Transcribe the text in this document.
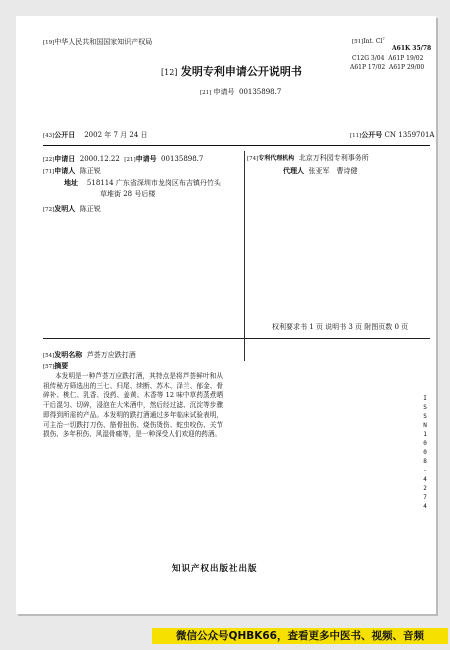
[19]中华人民共和国国家知识产权局	[51]Int. Cl$^7$
A61K 35/78
C12G 3/04 A61P 19/02
A61P 17/02 A61P 29/00
[12] 发明专利申请公开说明书
[21] 申请号 00135898.7
[43]公开日 2002 年 7 月 24 日	[11]公开号 CN 1359701A
[22]申请日 2000.12.22 [21]申请号 00135898.7
[71]申请人 陈正锐
地址 518114 广东省深圳市龙岗区布吉镇丹竹头
草堆街 28 号后楼
[72]发明人 陈正锐
[74]专利代理机构 北京万科园专利事务所
代理人 张亚军　曹诗健
权利要求书 1 页 说明书 3 页 附图页数 0 页
[54]发明名称 芦荟万应跌打酒
[57]摘要

本发明是一种芦荟万应跌打酒，其特点是将芦荟鲜叶和从祖传秘方筛选出的三七、归尾、续断、苏木、泽兰、郁金、骨碎补、桃仁、乳香、没药、姜黄、木香等 12 味中草药蒸煮晒干后混匀、切碎，浸泡在大米酒中，然后经过滤、沉淀等步骤即得到所需的产品。本发明的跌打酒通过多年临床试验表明，可主治一切跌打刀伤、筋骨扭伤、烧伤烫伤、蛇虫咬伤、关节损伤、多年积伤、风湿骨痛等，是一种深受人们欢迎的药酒。

I S S N 1 0 0 8 - 4 2 7 4
知识产权出版社出版
微信公众号QHBK66，查看更多中医书、视频、音频
